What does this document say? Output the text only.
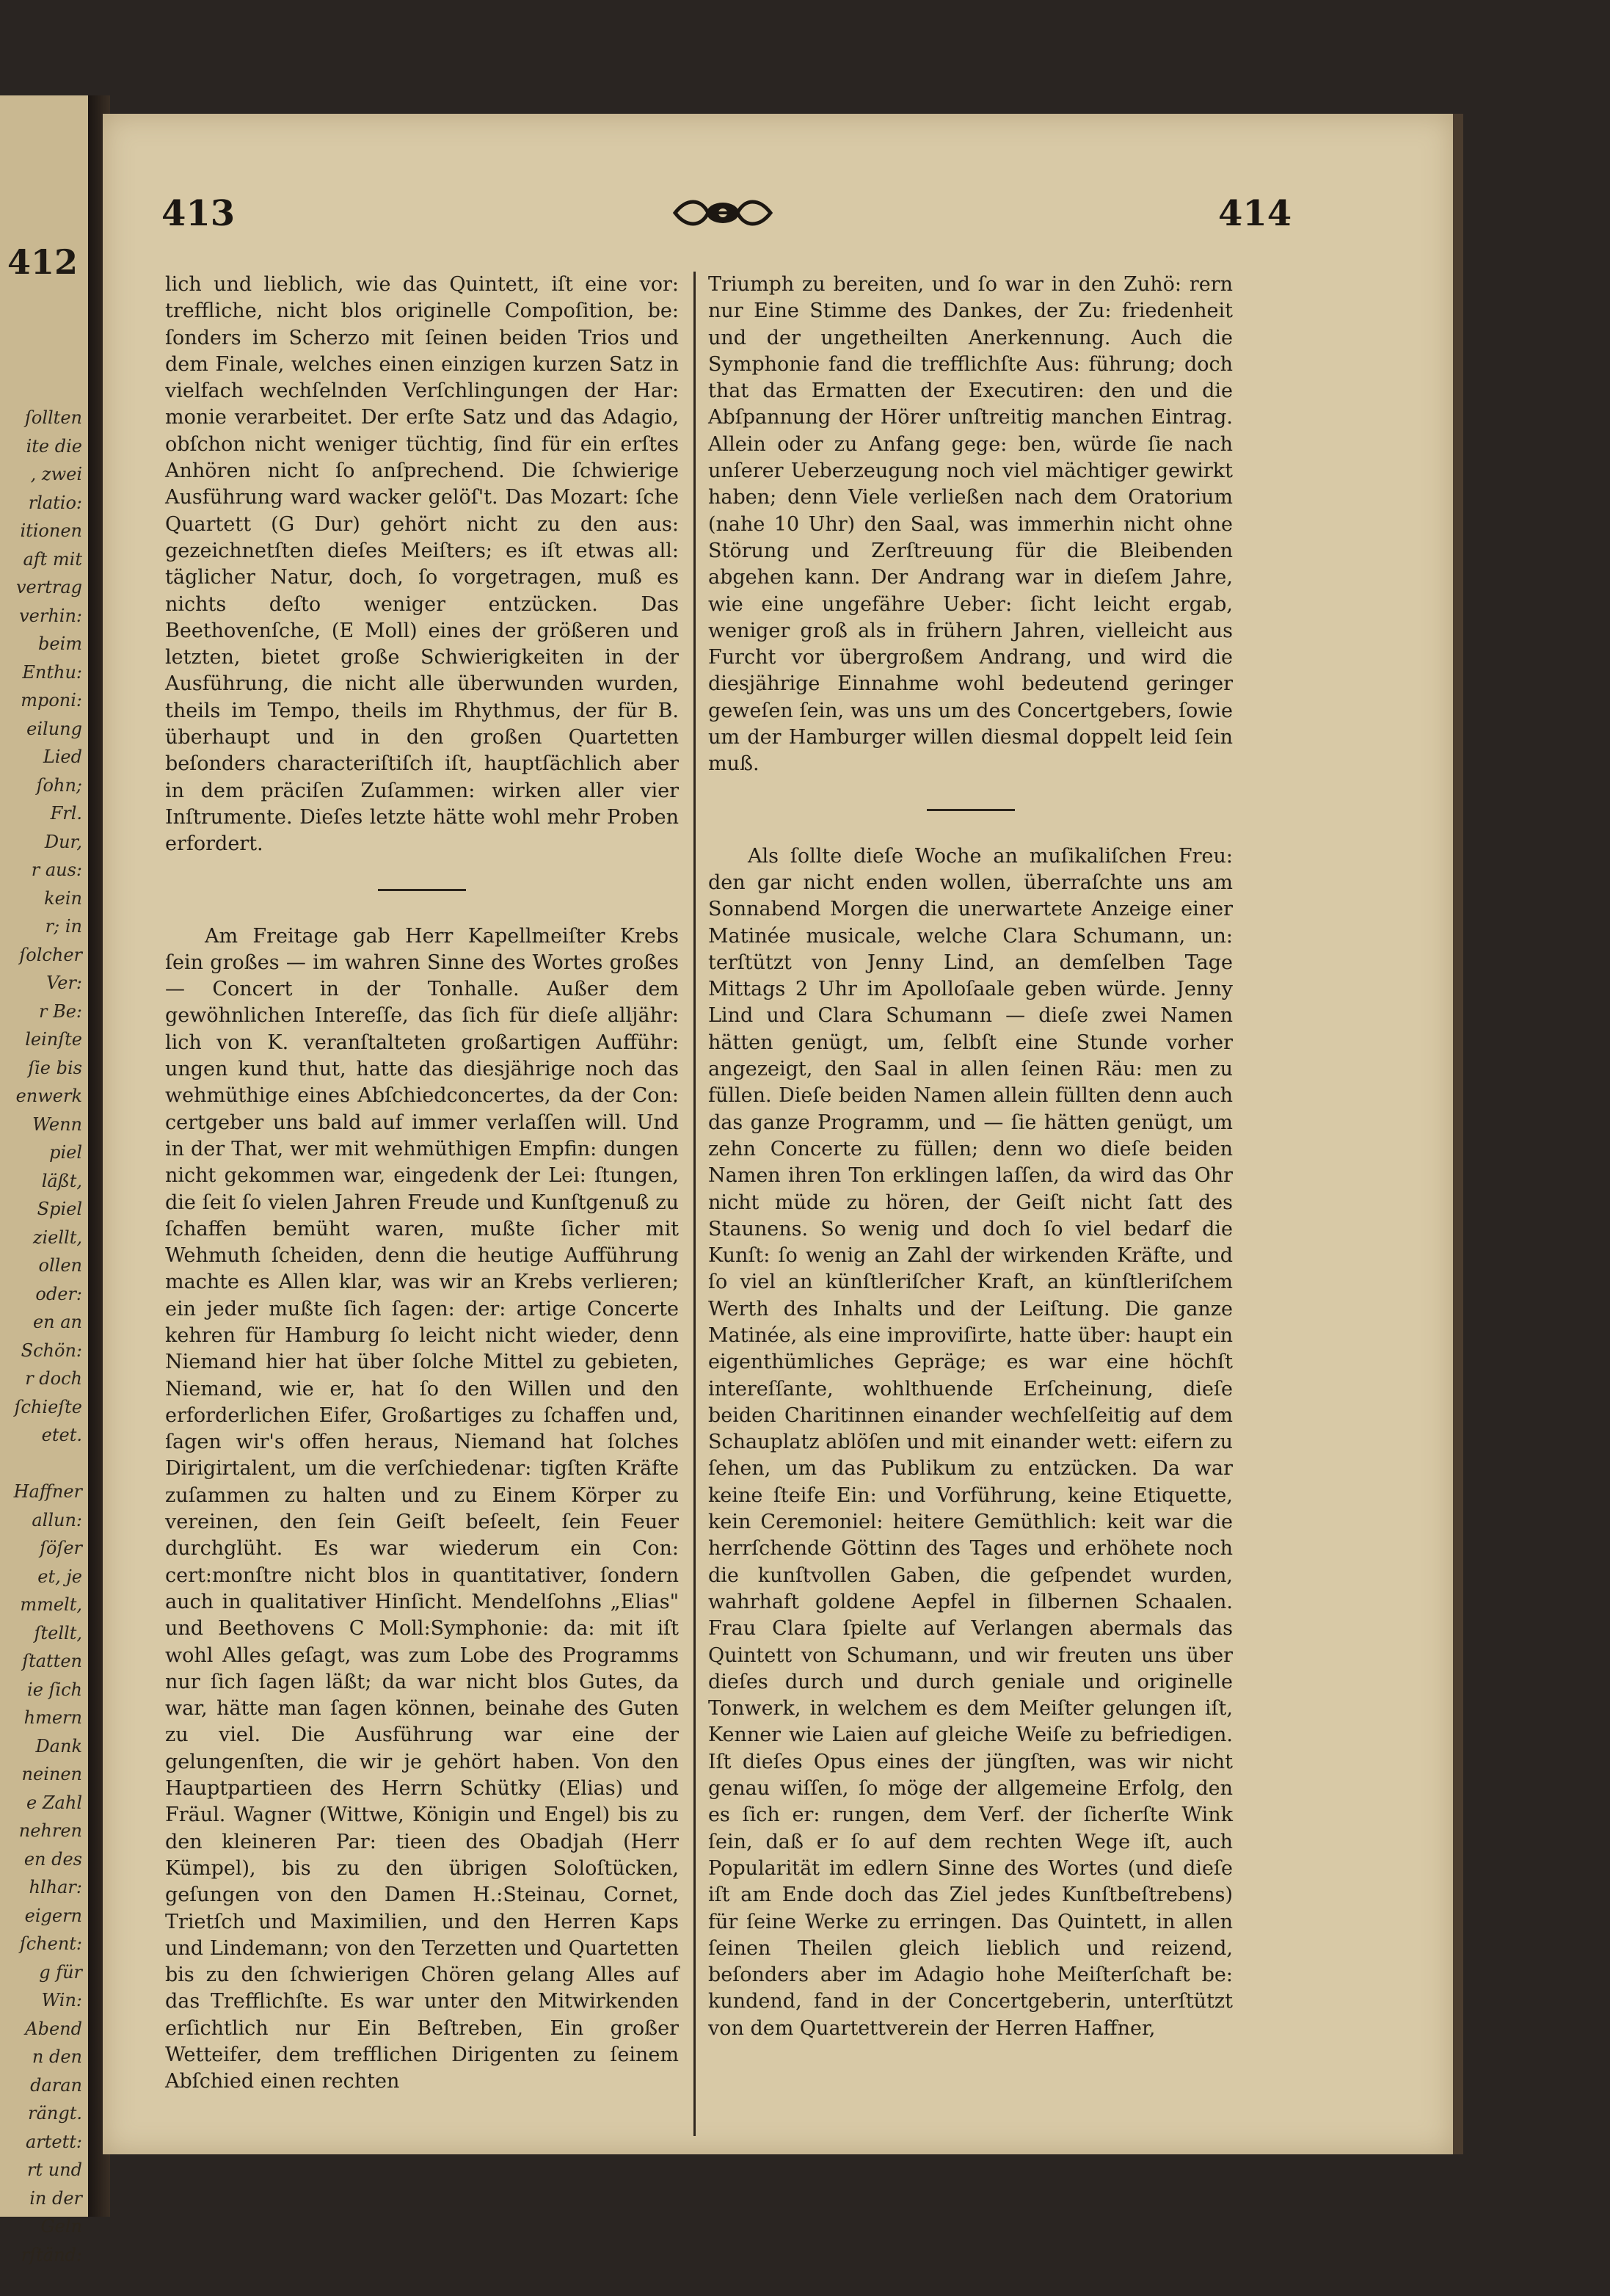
412
ſollten
ite die
, zwei
rlatio:
itionen
aft mit
vertrag
verhin:
beim
Enthu:
mponi:
eilung
Lied
ſohn;
Frl.
Dur,
r aus:
kein
r; in
ſolcher
Ver:
r Be:
leinſte
ſie bis
enwerk
Wenn
piel
läßt,
Spiel
ziellt,
ollen
oder:
en an
Schön:
r doch
ſchieſte
etet.

Haffner
allun:
ſöſer
et, je
mmelt,
ſtellt,
ſtatten
ie ſich
hmern
Dank
neinen
e Zahl
nehren
en des
hlhar:
eigern
ſchent:
g für
Win:
Abend
n den
daran
rängt.
artett:
rt und
in der
Geln
rſtänd:
413	414

lich und lieblich, wie das Quintett, iſt eine vor: treffliche, nicht blos originelle Compoſition, be: ſonders im Scherzo mit ſeinen beiden Trios und dem Finale, welches einen einzigen kurzen Satz in vielfach wechſelnden Verſchlingungen der Har: monie verarbeitet. Der erſte Satz und das Adagio, obſchon nicht weniger tüchtig, ſind für ein erſtes Anhören nicht ſo anſprechend. Die ſchwierige Ausführung ward wacker gelöſ't. Das Mozart: ſche Quartett (G Dur) gehört nicht zu den aus: gezeichnetſten dieſes Meiſters; es iſt etwas all: täglicher Natur, doch, ſo vorgetragen, muß es nichts deſto weniger entzücken. Das Beethovenſche, (E Moll) eines der größeren und letzten, bietet große Schwierigkeiten in der Ausführung, die nicht alle überwunden wurden, theils im Tempo, theils im Rhythmus, der für B. überhaupt und in den großen Quartetten beſonders characteriſtiſch iſt, hauptſächlich aber in dem präciſen Zuſammen: wirken aller vier Inſtrumente. Dieſes letzte hätte wohl mehr Proben erfordert.

Am Freitage gab Herr Kapellmeiſter Krebs ſein großes — im wahren Sinne des Wortes großes — Concert in der Tonhalle. Außer dem gewöhnlichen Intereſſe, das ſich für dieſe alljähr: lich von K. veranſtalteten großartigen Aufführ: ungen kund thut, hatte das diesjährige noch das wehmüthige eines Abſchiedconcertes, da der Con: certgeber uns bald auf immer verlaſſen will. Und in der That, wer mit wehmüthigen Empfin: dungen nicht gekommen war, eingedenk der Lei: ſtungen, die ſeit ſo vielen Jahren Freude und Kunſtgenuß zu ſchaffen bemüht waren, mußte ſicher mit Wehmuth ſcheiden, denn die heutige Aufführung machte es Allen klar, was wir an Krebs verlieren; ein jeder mußte ſich ſagen: der: artige Concerte kehren für Hamburg ſo leicht nicht wieder, denn Niemand hier hat über ſolche Mittel zu gebieten, Niemand, wie er, hat ſo den Willen und den erforderlichen Eifer, Großartiges zu ſchaffen und, ſagen wir's offen heraus, Niemand hat ſolches Dirigirtalent, um die verſchiedenar: tigſten Kräfte zuſammen zu halten und zu Einem Körper zu vereinen, den ſein Geiſt beſeelt, ſein Feuer durchglüht. Es war wiederum ein Con: cert:monſtre nicht blos in quantitativer, ſondern auch in qualitativer Hinſicht. Mendelſohns „Elias" und Beethovens C Moll:Symphonie: da: mit iſt wohl Alles geſagt, was zum Lobe des Programms nur ſich ſagen läßt; da war nicht blos Gutes, da war, hätte man ſagen können, beinahe des Guten zu viel. Die Ausführung war eine der gelungenſten, die wir je gehört haben. Von den Hauptpartieen des Herrn Schütky (Elias) und Fräul. Wagner (Wittwe, Königin und Engel) bis zu den kleineren Par: tieen des Obadjah (Herr Kümpel), bis zu den übrigen Soloſtücken, geſungen von den Damen H.:Steinau, Cornet, Trietſch und Maximilien, und den Herren Kaps und Lindemann; von den Terzetten und Quartetten bis zu den ſchwierigen Chören gelang Alles auf das Trefflichſte. Es war unter den Mitwirkenden erſichtlich nur Ein Beſtreben, Ein großer Wetteifer, dem trefflichen Dirigenten zu ſeinem Abſchied einen rechten

Triumph zu bereiten, und ſo war in den Zuhö: rern nur Eine Stimme des Dankes, der Zu: friedenheit und der ungetheilten Anerkennung. Auch die Symphonie fand die trefflichſte Aus: führung; doch that das Ermatten der Executiren: den und die Abſpannung der Hörer unſtreitig manchen Eintrag. Allein oder zu Anfang gege: ben, würde ſie nach unſerer Ueberzeugung noch viel mächtiger gewirkt haben; denn Viele verließen nach dem Oratorium (nahe 10 Uhr) den Saal, was immerhin nicht ohne Störung und Zerſtreuung für die Bleibenden abgehen kann. Der Andrang war in dieſem Jahre, wie eine ungefähre Ueber: ſicht leicht ergab, weniger groß als in frühern Jahren, vielleicht aus Furcht vor übergroßem Andrang, und wird die diesjährige Einnahme wohl bedeutend geringer geweſen ſein, was uns um des Concertgebers, ſowie um der Hamburger willen diesmal doppelt leid ſein muß.

Als ſollte dieſe Woche an muſikaliſchen Freu: den gar nicht enden wollen, überraſchte uns am Sonnabend Morgen die unerwartete Anzeige einer Matinée musicale, welche Clara Schumann, un: terſtützt von Jenny Lind, an demſelben Tage Mittags 2 Uhr im Apolloſaale geben würde. Jenny Lind und Clara Schumann — dieſe zwei Namen hätten genügt, um, ſelbſt eine Stunde vorher angezeigt, den Saal in allen ſeinen Räu: men zu füllen. Dieſe beiden Namen allein füllten denn auch das ganze Programm, und — ſie hätten genügt, um zehn Concerte zu füllen; denn wo dieſe beiden Namen ihren Ton erklingen laſſen, da wird das Ohr nicht müde zu hören, der Geiſt nicht ſatt des Staunens. So wenig und doch ſo viel bedarf die Kunſt: ſo wenig an Zahl der wirkenden Kräfte, und ſo viel an künſtleriſcher Kraft, an künſtleriſchem Werth des Inhalts und der Leiſtung. Die ganze Matinée, als eine improviſirte, hatte über: haupt ein eigenthümliches Gepräge; es war eine höchſt intereſſante, wohlthuende Erſcheinung, dieſe beiden Charitinnen einander wechſelſeitig auf dem Schauplatz ablöſen und mit einander wett: eifern zu ſehen, um das Publikum zu entzücken. Da war keine ſteife Ein: und Vorführung, keine Etiquette, kein Ceremoniel: heitere Gemüthlich: keit war die herrſchende Göttinn des Tages und erhöhete noch die kunſtvollen Gaben, die geſpendet wurden, wahrhaft goldene Aepfel in ſilbernen Schaalen. Frau Clara ſpielte auf Verlangen abermals das Quintett von Schumann, und wir freuten uns über dieſes durch und durch geniale und originelle Tonwerk, in welchem es dem Meiſter gelungen iſt, Kenner wie Laien auf gleiche Weiſe zu befriedigen. Iſt dieſes Opus eines der jüngſten, was wir nicht genau wiſſen, ſo möge der allgemeine Erfolg, den es ſich er: rungen, dem Verf. der ſicherſte Wink ſein, daß er ſo auf dem rechten Wege iſt, auch Popularität im edlern Sinne des Wortes (und dieſe iſt am Ende doch das Ziel jedes Kunſtbeſtrebens) für ſeine Werke zu erringen. Das Quintett, in allen ſeinen Theilen gleich lieblich und reizend, beſonders aber im Adagio hohe Meiſterſchaft be: kundend, fand in der Concertgeberin, unterſtützt von dem Quartettverein der Herren Haffner,
